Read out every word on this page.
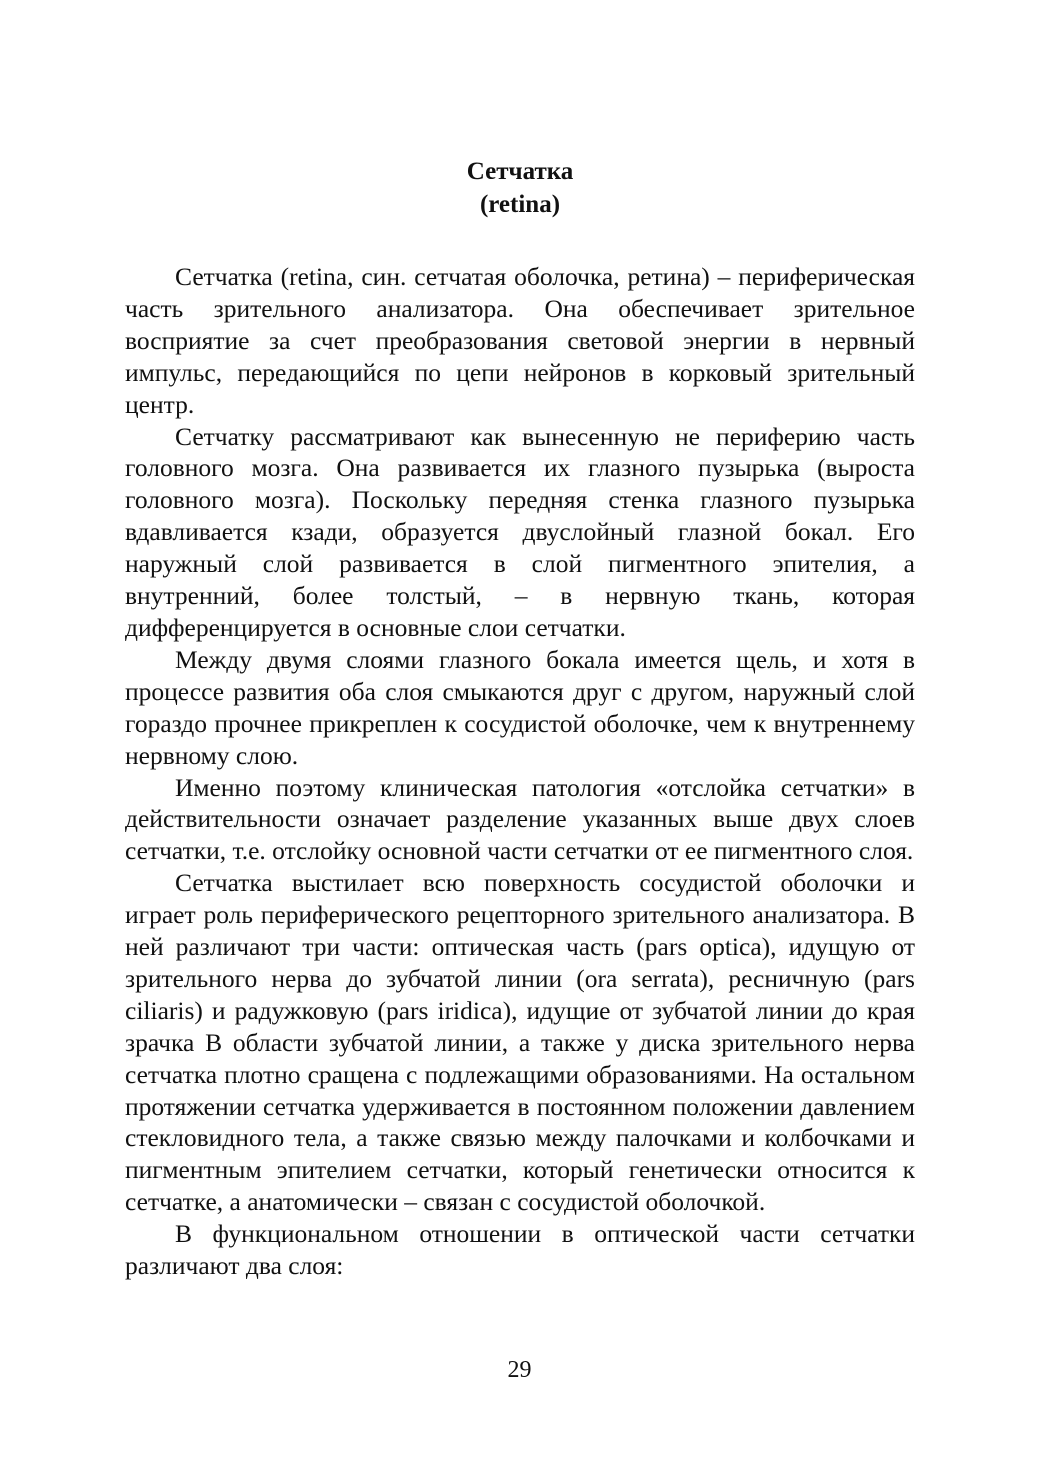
Сетчатка
(retina)

Сетчатка (retina, син. сетчатая оболочка, ретина) – периферическая часть зрительного анализатора. Она обеспечивает зрительное восприятие за счет преобразования световой энергии в нервный импульс, передающийся по цепи нейронов в корковый зрительный центр.

Сетчатку рассматривают как вынесенную не периферию часть головного мозга. Она развивается их глазного пузырька (выроста головного мозга). Поскольку передняя стенка глазного пузырька вдавливается кзади, образуется двуслойный глазной бокал. Его наружный слой развивается в слой пигментного эпителия, а внутренний, более толстый, – в нервную ткань, которая дифференцируется в основные слои сетчатки.

Между двумя слоями глазного бокала имеется щель, и хотя в процессе развития оба слоя смыкаются друг с другом, наружный слой гораздо прочнее прикреплен к сосудистой оболочке, чем к внутреннему нервному слою.

Именно поэтому клиническая патология «отслойка сетчатки» в действительности означает разделение указанных выше двух слоев сетчатки, т.е. отслойку основной части сетчатки от ее пигментного слоя.

Сетчатка выстилает всю поверхность сосудистой оболочки и играет роль периферического рецепторного зрительного анализатора. В ней различают три части: оптическая часть (pars optica), идущую от зрительного нерва до зубчатой линии (ora serrata), ресничную (pars ciliaris) и радужковую (pars iridica), идущие от зубчатой линии до края зрачка В области зубчатой линии, а также у диска зрительного нерва сетчатка плотно сращена с подлежащими образованиями. На остальном протяжении сетчатка удерживается в постоянном положении давлением стекловидного тела, а также связью между палочками и колбочками и пигментным эпителием сетчатки, который генетически относится к сетчатке, а анатомически – связан с сосудистой оболочкой.

В функциональном отношении в оптической части сетчатки различают два слоя:

29
